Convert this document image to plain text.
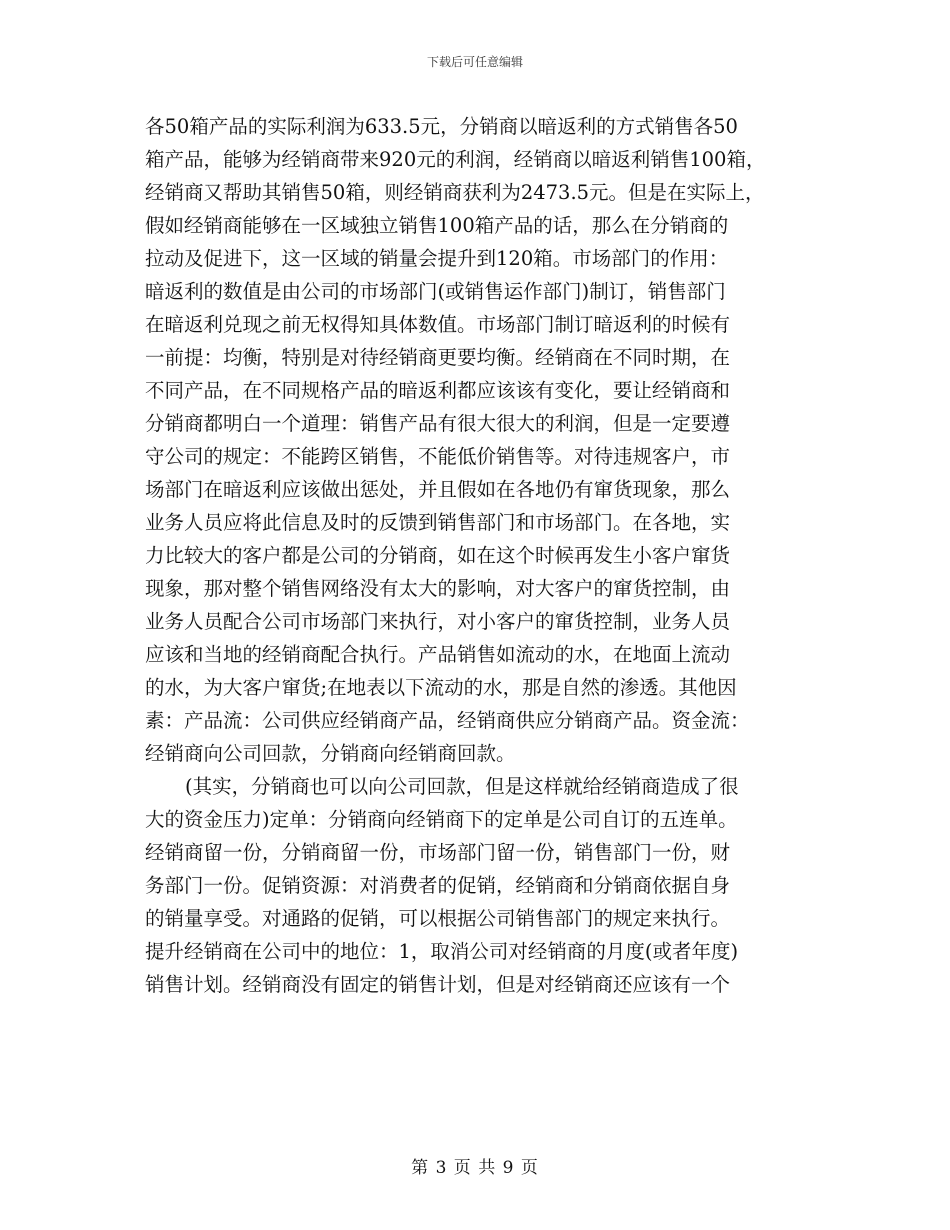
下载后可任意编辑
各50箱产品的实际利润为633.5元，分销商以暗返利的方式销售各50
箱产品，能够为经销商带来920元的利润，经销商以暗返利销售100箱，
经销商又帮助其销售50箱，则经销商获利为2473.5元。但是在实际上，
假如经销商能够在一区域独立销售100箱产品的话，那么在分销商的
拉动及促进下，这一区域的销量会提升到120箱。市场部门的作用：
暗返利的数值是由公司的市场部门(或销售运作部门)制订，销售部门
在暗返利兑现之前无权得知具体数值。市场部门制订暗返利的时候有
一前提：均衡，特别是对待经销商更要均衡。经销商在不同时期，在
不同产品，在不同规格产品的暗返利都应该该有变化，要让经销商和
分销商都明白一个道理：销售产品有很大很大的利润，但是一定要遵
守公司的规定：不能跨区销售，不能低价销售等。对待违规客户，市
场部门在暗返利应该做出惩处，并且假如在各地仍有窜货现象，那么
业务人员应将此信息及时的反馈到销售部门和市场部门。在各地，实
力比较大的客户都是公司的分销商，如在这个时候再发生小客户窜货
现象，那对整个销售网络没有太大的影响，对大客户的窜货控制，由
业务人员配合公司市场部门来执行，对小客户的窜货控制，业务人员
应该和当地的经销商配合执行。产品销售如流动的水，在地面上流动
的水，为大客户窜货;在地表以下流动的水，那是自然的渗透。其他因
素：产品流：公司供应经销商产品，经销商供应分销商产品。资金流：
经销商向公司回款，分销商向经销商回款。
(其实，分销商也可以向公司回款，但是这样就给经销商造成了很
大的资金压力)定单：分销商向经销商下的定单是公司自订的五连单。
经销商留一份，分销商留一份，市场部门留一份，销售部门一份，财
务部门一份。促销资源：对消费者的促销，经销商和分销商依据自身
的销量享受。对通路的促销，可以根据公司销售部门的规定来执行。
提升经销商在公司中的地位：1，取消公司对经销商的月度(或者年度)
销售计划。经销商没有固定的销售计划，但是对经销商还应该有一个
第 3 页 共 9 页
